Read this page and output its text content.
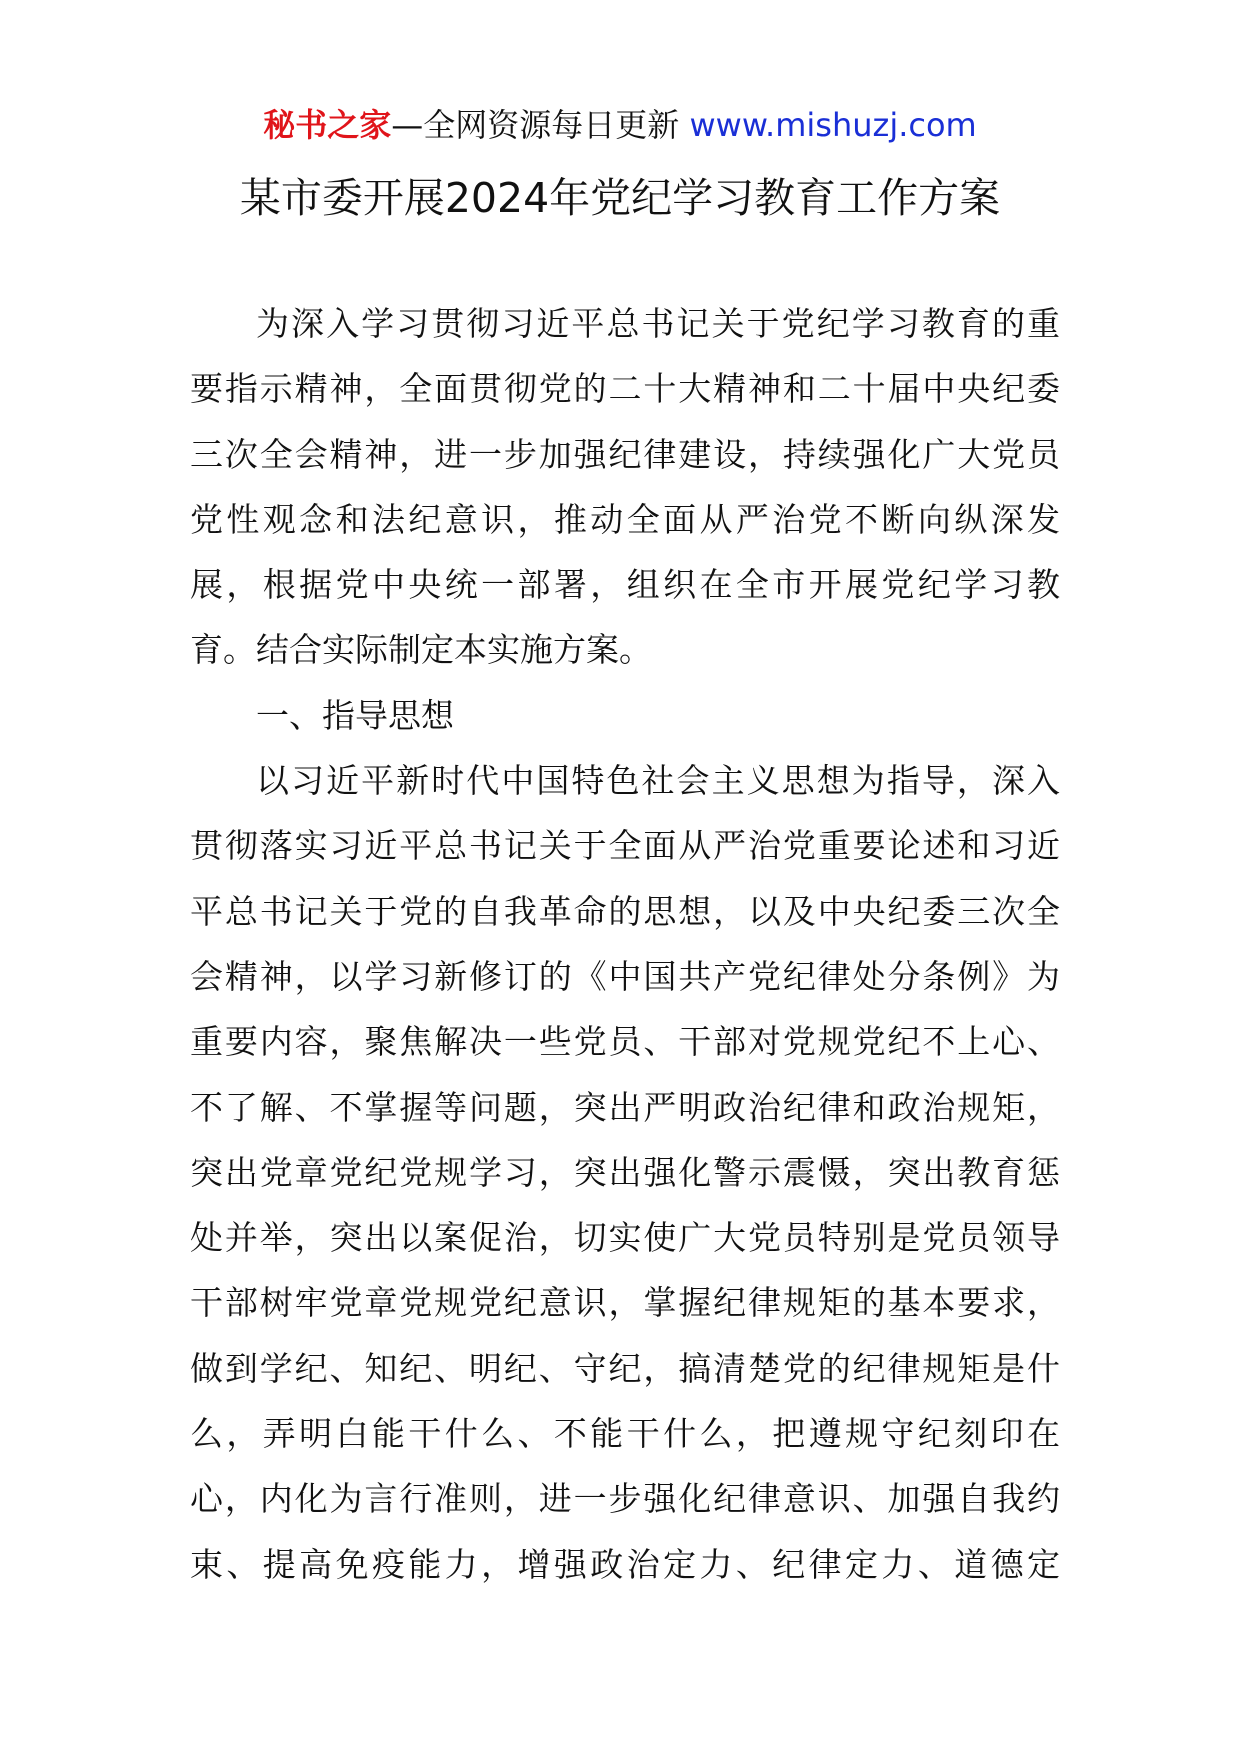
秘书之家—全网资源每日更新 www.mishuzj.com
某市委开展2024年党纪学习教育工作方案
为深入学习贯彻习近平总书记关于党纪学习教育的重
要指示精神，全面贯彻党的二十大精神和二十届中央纪委
三次全会精神，进一步加强纪律建设，持续强化广大党员
党性观念和法纪意识，推动全面从严治党不断向纵深发
展，根据党中央统一部署，组织在全市开展党纪学习教
育。结合实际制定本实施方案。
一、指导思想
以习近平新时代中国特色社会主义思想为指导，深入
贯彻落实习近平总书记关于全面从严治党重要论述和习近
平总书记关于党的自我革命的思想，以及中央纪委三次全
会精神，以学习新修订的《中国共产党纪律处分条例》为
重要内容，聚焦解决一些党员、干部对党规党纪不上心、
不了解、不掌握等问题，突出严明政治纪律和政治规矩，
突出党章党纪党规学习，突出强化警示震慑，突出教育惩
处并举，突出以案促治，切实使广大党员特别是党员领导
干部树牢党章党规党纪意识，掌握纪律规矩的基本要求，
做到学纪、知纪、明纪、守纪，搞清楚党的纪律规矩是什
么，弄明白能干什么、不能干什么，把遵规守纪刻印在
心，内化为言行准则，进一步强化纪律意识、加强自我约
束、提高免疫能力，增强政治定力、纪律定力、道德定
